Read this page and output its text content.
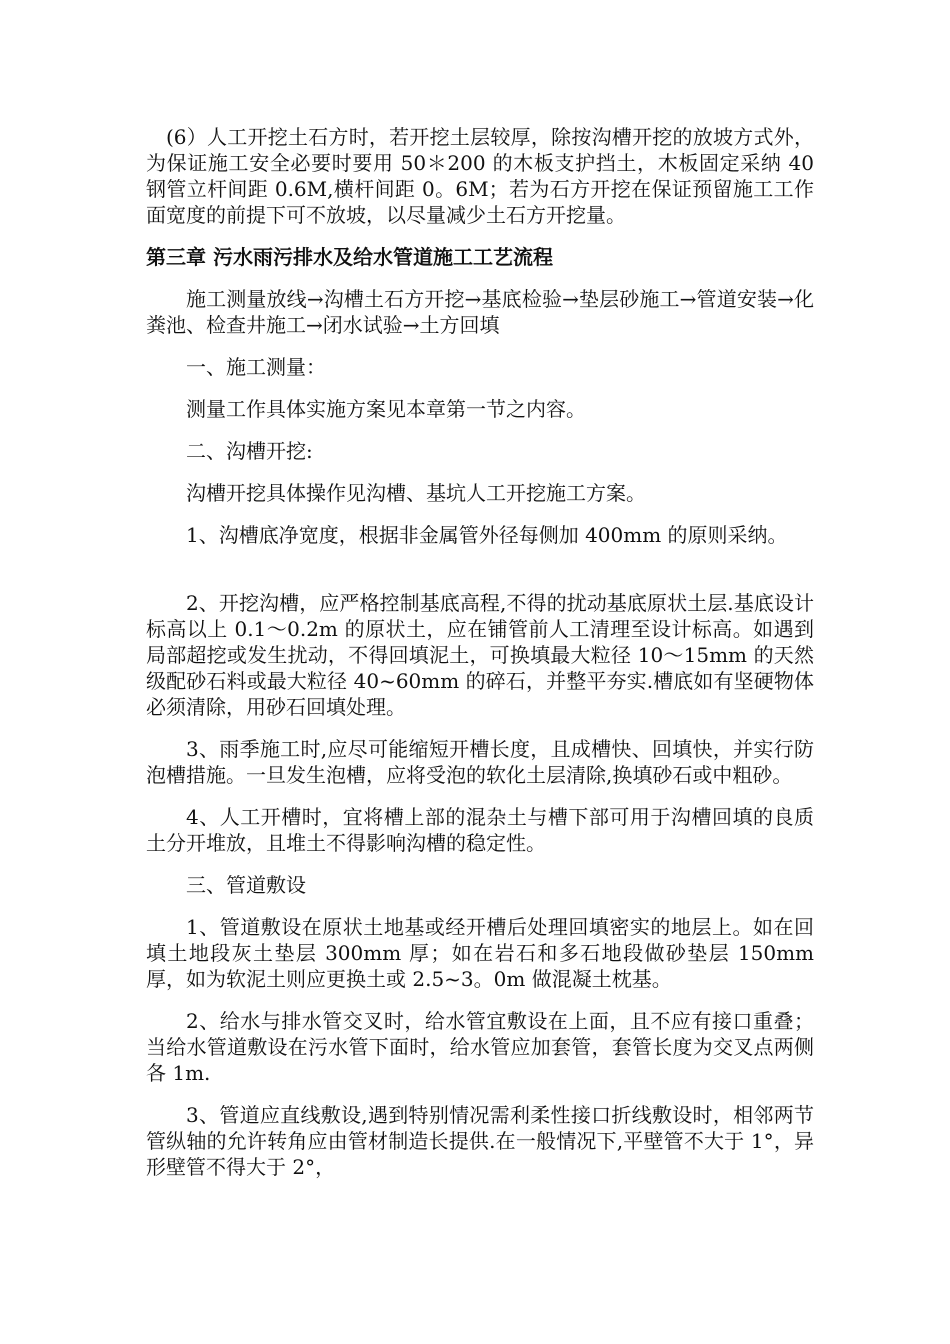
(6）人工开挖土石方时，若开挖土层较厚，除按沟槽开挖的放坡方式外，为保证施工安全必要时要用 50＊200 的木板支护挡土，木板固定采纳 40 钢管立杆间距 0.6M,横杆间距 0。6M；若为石方开挖在保证预留施工工作面宽度的前提下可不放坡，以尽量减少土石方开挖量。

第三章 污水雨污排水及给水管道施工工艺流程

施工测量放线→沟槽土石方开挖→基底检验→垫层砂施工→管道安装→化粪池、检查井施工→闭水试验→土方回填

一、施工测量：

测量工作具体实施方案见本章第一节之内容。

二、沟槽开挖:

沟槽开挖具体操作见沟槽、基坑人工开挖施工方案。

1、沟槽底净宽度，根据非金属管外径每侧加 400mm 的原则采纳。

2、开挖沟槽，应严格控制基底高程,不得的扰动基底原状土层.基底设计标高以上 0.1～0.2m 的原状土，应在铺管前人工清理至设计标高。如遇到局部超挖或发生扰动，不得回填泥土，可换填最大粒径 10～15mm 的天然级配砂石料或最大粒径 40~60mm 的碎石，并整平夯实.槽底如有坚硬物体必须清除，用砂石回填处理。

3、雨季施工时,应尽可能缩短开槽长度，且成槽快、回填快，并实行防泡槽措施。一旦发生泡槽，应将受泡的软化土层清除,换填砂石或中粗砂。

4、人工开槽时，宜将槽上部的混杂土与槽下部可用于沟槽回填的良质土分开堆放，且堆土不得影响沟槽的稳定性。

三、管道敷设

1、管道敷设在原状土地基或经开槽后处理回填密实的地层上。如在回填土地段灰土垫层 300mm 厚；如在岩石和多石地段做砂垫层 150mm 厚，如为软泥土则应更换土或 2.5~3。0m 做混凝土枕基。

2、给水与排水管交叉时，给水管宜敷设在上面，且不应有接口重叠；当给水管道敷设在污水管下面时，给水管应加套管，套管长度为交叉点两侧各 1m.

3、管道应直线敷设,遇到特别情况需利柔性接口折线敷设时，相邻两节管纵轴的允许转角应由管材制造长提供.在一般情况下,平壁管不大于 1°，异形壁管不得大于 2°，
